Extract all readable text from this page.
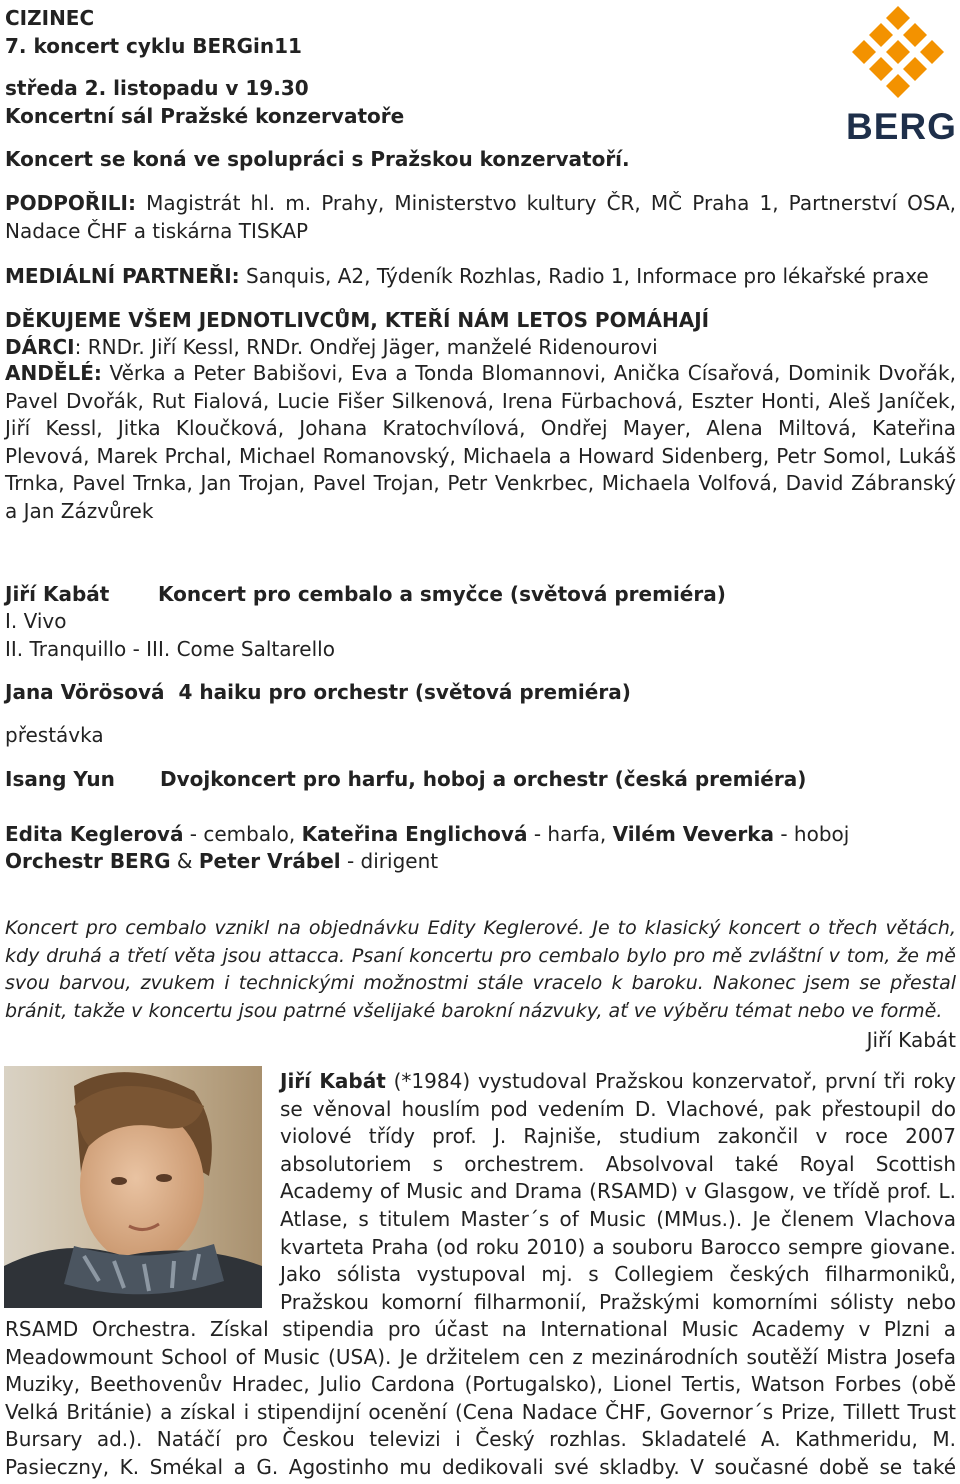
CIZINEC
7. koncert cyklu BERGin11
středa 2. listopadu v 19.30
Koncertní sál Pražské konzervatoře
Koncert se koná ve spolupráci s Pražskou konzervatoří.
BERG
PODPOŘILI: Magistrát hl. m. Prahy, Ministerstvo kultury ČR, MČ Praha 1, Partnerství OSA, Nadace ČHF a tiskárna TISKAP
MEDIÁLNÍ PARTNEŘI: Sanquis, A2, Týdeník Rozhlas, Radio 1, Informace pro lékařské praxe
DĚKUJEME VŠEM JEDNOTLIVCŮM, KTEŘÍ NÁM LETOS POMÁHAJÍ
DÁRCI: RNDr. Jiří Kessl, RNDr. Ondřej Jäger, manželé Ridenourovi
ANDĚLÉ: Věrka a Peter Babišovi, Eva a Tonda Blomannovi, Anička Císařová, Dominik Dvořák, Pavel Dvořák, Rut Fialová, Lucie Fišer Silkenová, Irena Fürbachová, Eszter Honti, Aleš Janíček, Jiří Kessl, Jitka Kloučková, Johana Kratochvílová, Ondřej Mayer, Alena Miltová, Kateřina Plevová, Marek Prchal, Michael Romanovský, Michaela a Howard Sidenberg, Petr Somol, Lukáš Trnka, Pavel Trnka, Jan Trojan, Pavel Trojan, Petr Venkrbec, Michaela Volfová, David Zábranský a Jan Zázvůrek
Jiří Kabát Koncert pro cembalo a smyčce (světová premiéra)
I. Vivo
II. Tranquillo - III. Come Saltarello
Jana Vörösová 4 haiku pro orchestr (světová premiéra)
přestávka
Isang Yun Dvojkoncert pro harfu, hoboj a orchestr (česká premiéra)
Edita Keglerová - cembalo, Kateřina Englichová - harfa, Vilém Veverka - hoboj
Orchestr BERG & Peter Vrábel - dirigent
Koncert pro cembalo vznikl na objednávku Edity Keglerové. Je to klasický koncert o třech větách, kdy druhá a třetí věta jsou attacca. Psaní koncertu pro cembalo bylo pro mě zvláštní v tom, že mě svou barvou, zvukem i technickými možnostmi stále vracelo k baroku. Nakonec jsem se přestal bránit, takže v koncertu jsou patrné všelijaké barokní názvuky, ať ve výběru témat nebo ve formě.
Jiří Kabát
Jiří Kabát (*1984) vystudoval Pražskou konzervatoř, první tři roky se věnoval houslím pod vedením D. Vlachové, pak přestoupil do violové třídy prof. J. Rajniše, studium zakončil v roce 2007 absolutoriem s orchestrem. Absolvoval také Royal Scottish Academy of Music and Drama (RSAMD) v Glasgow, ve třídě prof. L. Atlase, s titulem Master´s of Music (MMus.). Je členem Vlachova kvarteta Praha (od roku 2010) a souboru Barocco sempre giovane. Jako sólista vystupoval mj. s Collegiem českých filharmoniků, Pražskou komorní filharmonií, Pražskými komorními sólisty nebo
RSAMD Orchestra. Získal stipendia pro účast na International Music Academy v Plzni a Meadowmount School of Music (USA). Je držitelem cen z mezinárodních soutěží Mistra Josefa Muziky, Beethovenův Hradec, Julio Cardona (Portugalsko), Lionel Tertis, Watson Forbes (obě Velká Británie) a získal i stipendijní ocenění (Cena Nadace ČHF, Governor´s Prize, Tillett Trust Bursary ad.). Natáčí pro Českou televizi i Český rozhlas. Skladatelé A. Kathmeridu, M. Pasieczny, K. Smékal a G. Agostinho mu dedikovali své skladby. V současné době se také
